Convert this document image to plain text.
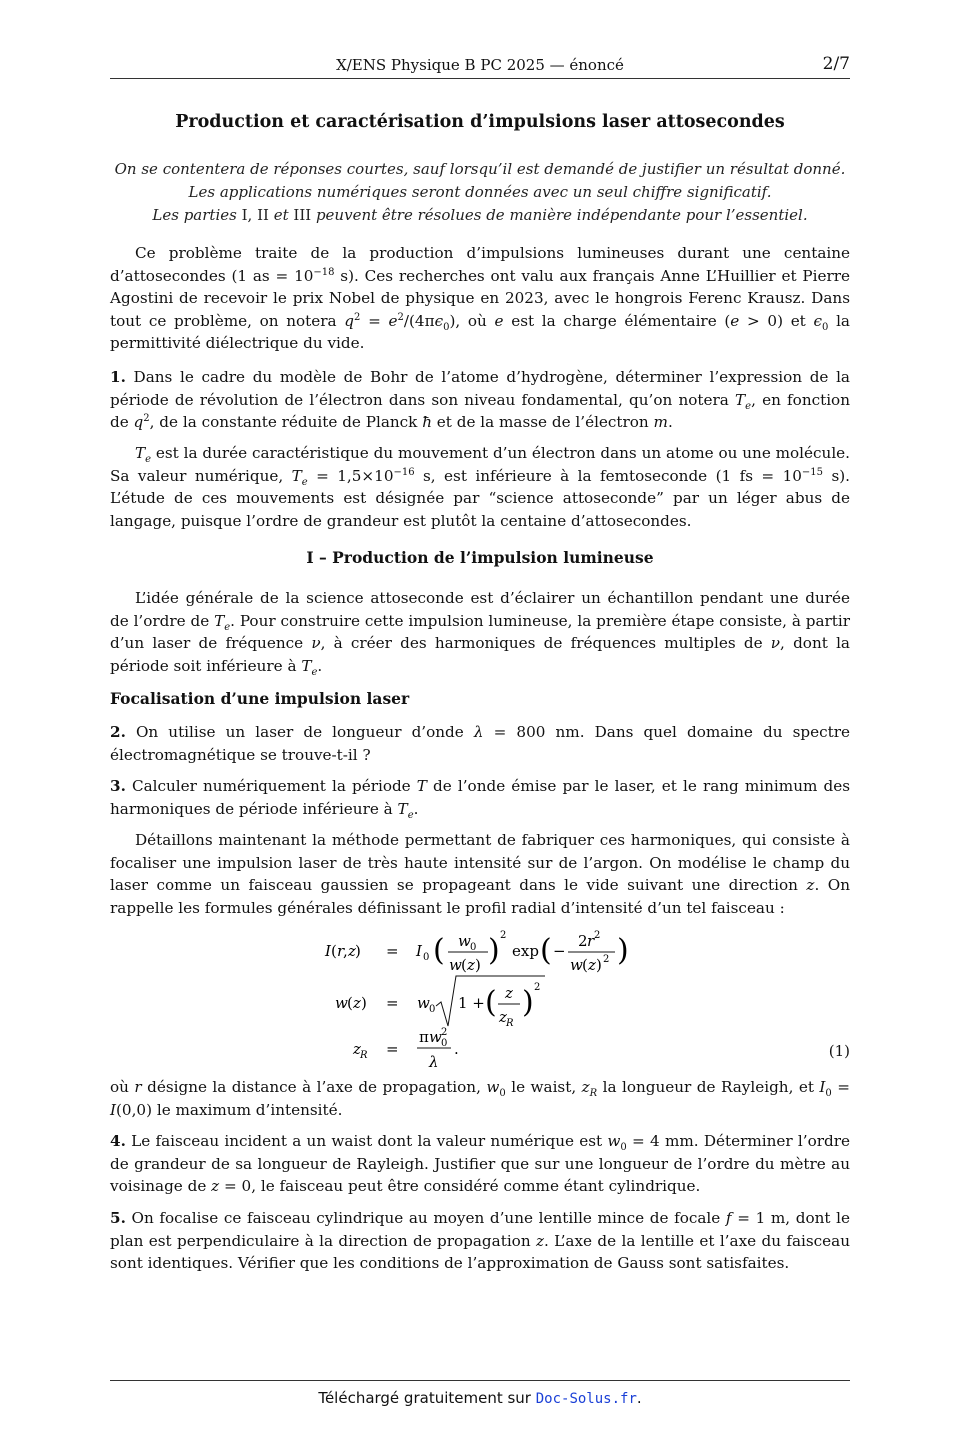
X/ENS Physique B PC 2025 — énoncé	2/7
Production et caractérisation d’impulsions laser attosecondes
On se contentera de réponses courtes, sauf lorsqu’il est demandé de justifier un résultat donné.
Les applications numériques seront données avec un seul chiffre significatif.
Les parties I, II et III peuvent être résolues de manière indépendante pour l’essentiel.
Ce problème traite de la production d’impulsions lumineuses durant une centaine d’attosecondes (1 as = $10^{-18}$ s). Ces recherches ont valu aux français Anne L’Huillier et Pierre Agostini de recevoir le prix Nobel de physique en 2023, avec le hongrois Ferenc Krausz. Dans tout ce problème, on notera $q^2 = e^2/(4\pi\epsilon_0)$, où e est la charge élémentaire (e > 0) et $\epsilon_0$ la permittivité diélectrique du vide.
1. Dans le cadre du modèle de Bohr de l’atome d’hydrogène, déterminer l’expression de la période de révolution de l’électron dans son niveau fondamental, qu’on notera $T_e$, en fonction de $q^2$, de la constante réduite de Planck ħ et de la masse de l’électron m.
$T_e$ est la durée caractéristique du mouvement d’un électron dans un atome ou une molécule. Sa valeur numérique, $T_e = 1,5\times 10^{-16}$ s, est inférieure à la femtoseconde (1 fs = $10^{-15}$ s). L’étude de ces mouvements est désignée par “science attoseconde” par un léger abus de langage, puisque l’ordre de grandeur est plutôt la centaine d’attosecondes.
I – Production de l’impulsion lumineuse
L’idée générale de la science attoseconde est d’éclairer un échantillon pendant une durée de l’ordre de $T_e$. Pour construire cette impulsion lumineuse, la première étape consiste, à partir d’un laser de fréquence ν, à créer des harmoniques de fréquences multiples de ν, dont la période soit inférieure à $T_e$.
Focalisation d’une impulsion laser
2. On utilise un laser de longueur d’onde λ = 800 nm. Dans quel domaine du spectre électromagnétique se trouve-t-il ?
3. Calculer numériquement la période T de l’onde émise par le laser, et le rang minimum des harmoniques de période inférieure à $T_e$.
Détaillons maintenant la méthode permettant de fabriquer ces harmoniques, qui consiste à focaliser une impulsion laser de très haute intensité sur de l’argon. On modélise le champ du laser comme un faisceau gaussien se propageant dans le vide suivant une direction z. On rappelle les formules générales définissant le profil radial d’intensité d’un tel faisceau :
I ( r
, z ) = I 0 ( w 0
w ( z ) ) 2
exp ( −
2 r 2
w ( z ) 2 )
w ( z ) = w 0 1 + ( z
z R
) 2
z R =
π w 2
0
λ
.	(1)
où r désigne la distance à l’axe de propagation, $w_0$ le waist, $z_R$ la longueur de Rayleigh, et $I_0 = I(0,0)$ le maximum d’intensité.
4. Le faisceau incident a un waist dont la valeur numérique est $w_0 = 4$ mm. Déterminer l’ordre de grandeur de sa longueur de Rayleigh. Justifier que sur une longueur de l’ordre du mètre au voisinage de z = 0, le faisceau peut être considéré comme étant cylindrique.
5. On focalise ce faisceau cylindrique au moyen d’une lentille mince de focale f = 1 m, dont le plan est perpendiculaire à la direction de propagation z. L’axe de la lentille et l’axe du faisceau sont identiques. Vérifier que les conditions de l’approximation de Gauss sont satisfaites.
Téléchargé gratuitement sur Doc-Solus.fr.
